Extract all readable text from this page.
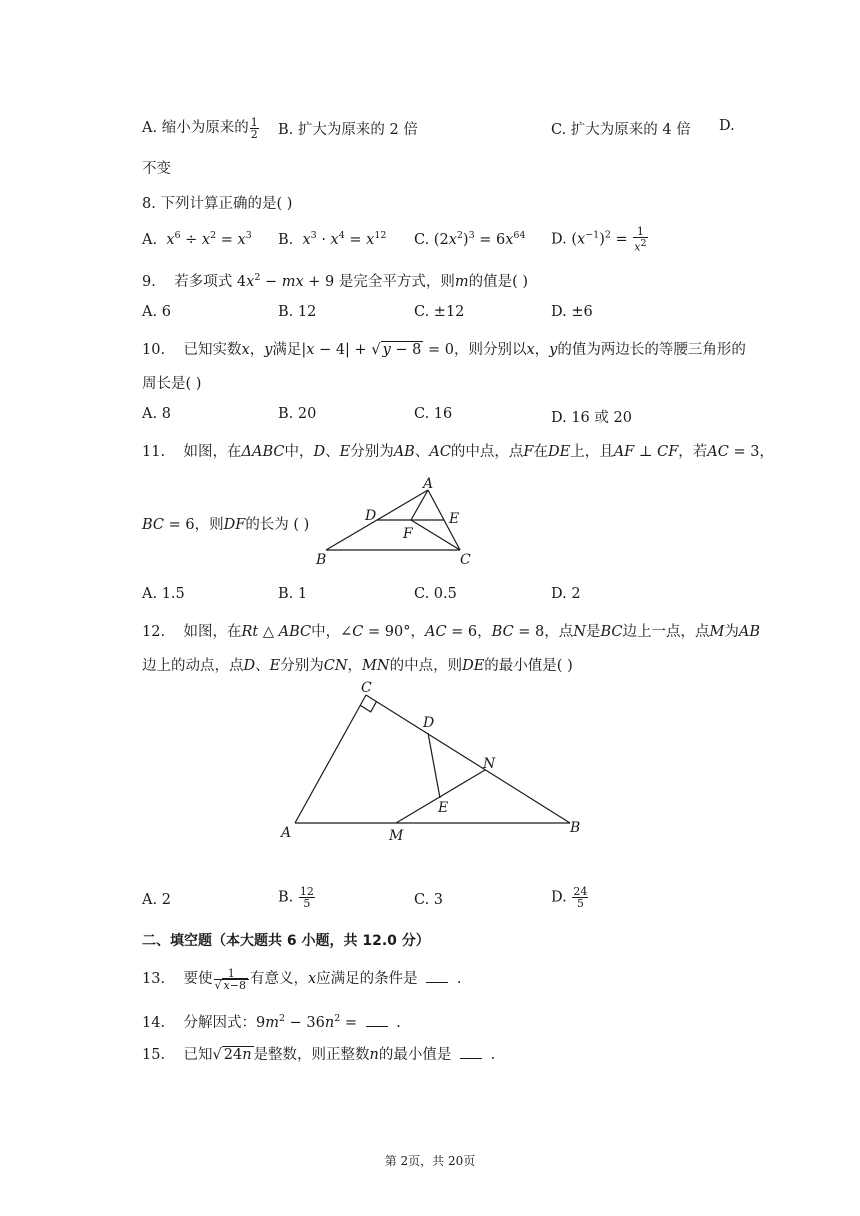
A. 缩小为原来的 $\frac{1}{2} B$. 扩大为原来的 2 倍	C. 扩大为原来的 4 倍 D.
不变
8. 下列计算正确的是( )
A. $x^6 \div x^2 = x^3$ B. $x^3 \cdot x^4 = x^{12}$ C. $(2x^2)^3 = 6x^{64}$ D. $(x^{-1})^2 = \frac{1}{x^2}$
9. 若多项式 $4x^2$ − mx + 9 是完全平方式，则m的值是( )
A. 6	B. 12	C. ±12	D. ±6
10. 已知实数x，y满足|x − 4| + √ y − 8 = 0，则分别以x，y的值为两边长的等腰三角形的
周长是( )
A. 8	B. 20	C. 16	D. 16 或 20
11. 如图，在ΔABC中，D、E分别为AB、AC的中点，点F在DE上，且AF ⊥ CF，若AC = 3，
BC = 6，则DF的长为 ( )
A
B	C
D	E
F
A. 1.5	B. 1	C. 0.5	D. 2
12. 如图，在Rt △ ABC中，∠C = 90°，AC = 6，BC = 8，点N是BC边上一点，点M为AB
边上的动点，点D、E分别为CN，MN的中点，则DE的最小值是( )
C
D
N
E
A	M	B
A. 2	B. $\frac{12}{5}$	C. 3	D. $\frac{24}{5}$
二、填空题（本大题共 6 小题，共 12.0 分）
13. 要使 $\frac{1}{√ x-8}$ 有意义，x应满足的条件是	.
14. 分解因式：$9m^2 - 36n^2$ =  .
15. 已知√ 24n 是整数，则正整数n的最小值是	.
第 2页，共 20页
